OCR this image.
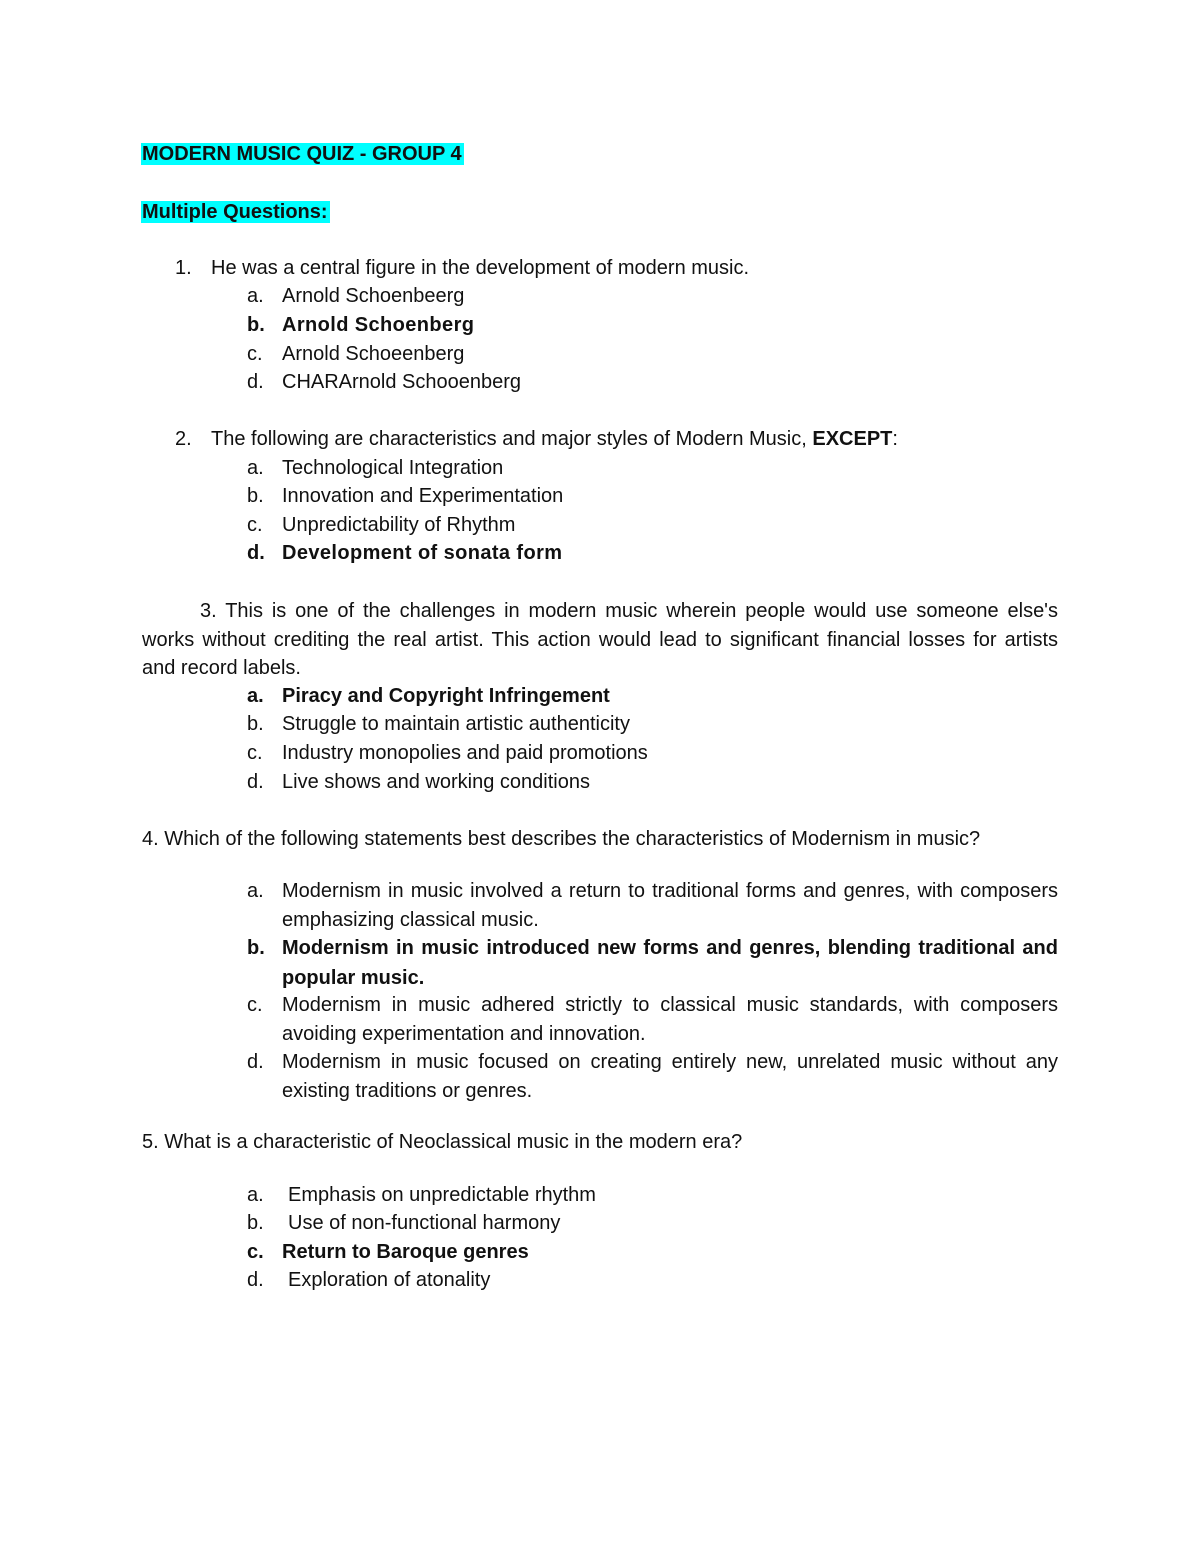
MODERN MUSIC QUIZ - GROUP 4
Multiple Questions:
1. He was a central figure in the development of modern music.
a. Arnold Schoenbeerg
b. Arnold Schoenberg
c. Arnold Schoeenberg
d. CHARArnold Schooenberg
2. The following are characteristics and major styles of Modern Music, EXCEPT:
a. Technological Integration
b. Innovation and Experimentation
c. Unpredictability of Rhythm
d. Development of sonata form
3. This is one of the challenges in modern music wherein people would use someone else's works without crediting the real artist. This action would lead to significant financial losses for artists and record labels.
a. Piracy and Copyright Infringement
b. Struggle to maintain artistic authenticity
c. Industry monopolies and paid promotions
d. Live shows and working conditions
4. Which of the following statements best describes the characteristics of Modernism in music?
a. Modernism in music involved a return to traditional forms and genres, with composers emphasizing classical music.
b. Modernism in music introduced new forms and genres, blending traditional and popular music.
c. Modernism in music adhered strictly to classical music standards, with composers avoiding experimentation and innovation.
d. Modernism in music focused on creating entirely new, unrelated music without any existing traditions or genres.
5. What is a characteristic of Neoclassical music in the modern era?
a. Emphasis on unpredictable rhythm
b. Use of non-functional harmony
c. Return to Baroque genres
d. Exploration of atonality
